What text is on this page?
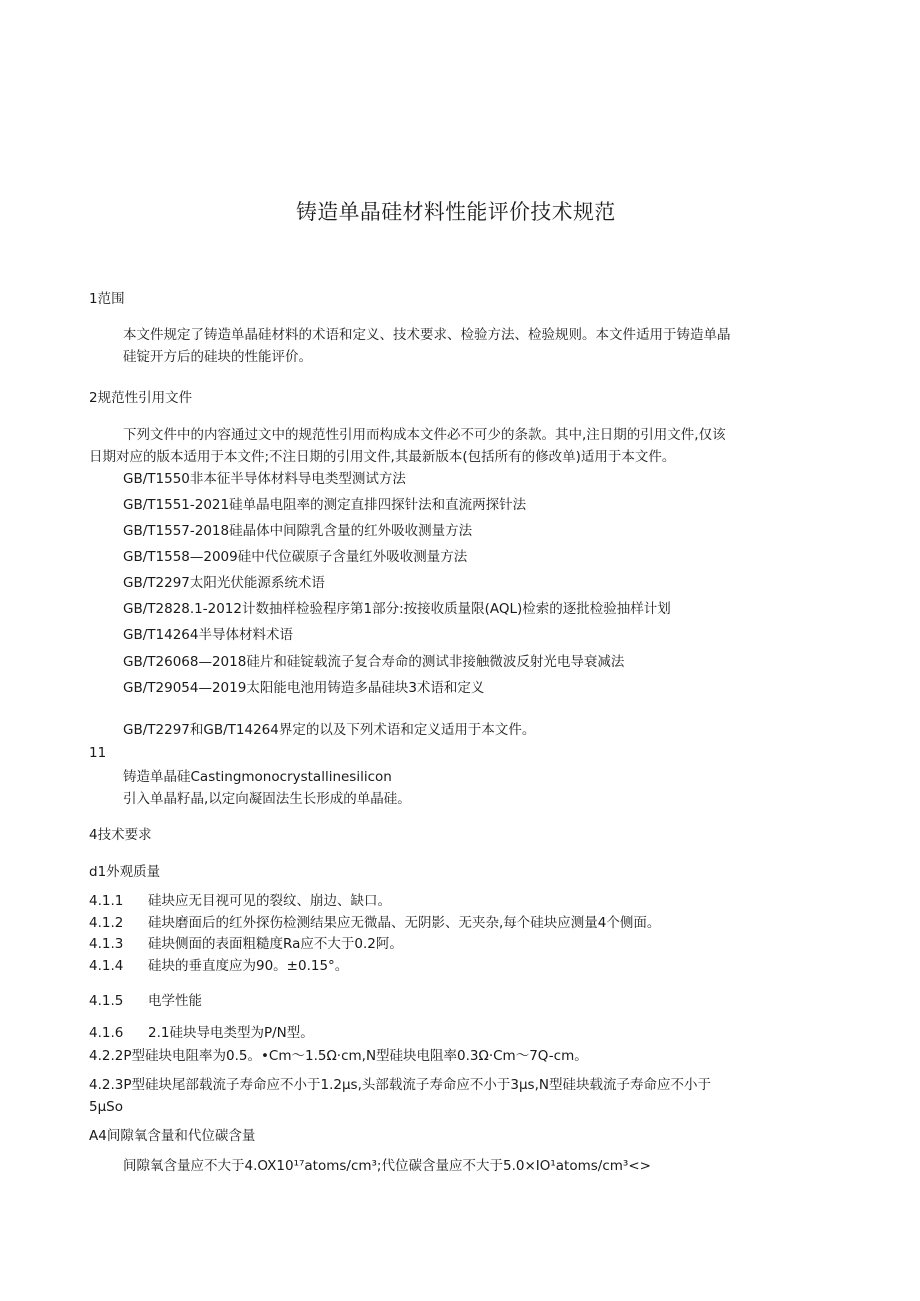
铸造单晶硅材料性能评价技术规范
1范围
本文件规定了铸造单晶硅材料的术语和定义、技术要求、检验方法、检验规则。本文件适用于铸造单晶
硅锭开方后的硅块的性能评价。
2规范性引用文件
下列文件中的内容通过文中的规范性引用而构成本文件必不可少的条款。其中,注日期的引用文件,仅该
日期对应的版本适用于本文件;不注日期的引用文件,其最新版本(包括所有的修改单)适用于本文件。
GB/T1550非本征半导体材料导电类型测试方法
GB/T1551-2021硅单晶电阻率的测定直排四探针法和直流两探针法
GB/T1557-2018硅晶体中间隙乳含量的红外吸收测量方法
GB/T1558—2009硅中代位碳原子含量红外吸收测量方法
GB/T2297太阳光伏能源系统术语
GB/T2828.1-2012计数抽样检验程序第1部分:按接收质量限(AQL)检索的逐批检验抽样计划
GB/T14264半导体材料术语
GB/T26068—2018硅片和硅锭载流子复合寿命的测试非接触微波反射光电导衰减法
GB/T29054—2019太阳能电池用铸造多晶硅块3术语和定义
GB/T2297和GB/T14264界定的以及下列术语和定义适用于本文件。
11
铸造单晶硅Castingmonocrystallinesilicon
引入单晶籽晶,以定向凝固法生长形成的单晶硅。
4技术要求
d1外观质量
4.1.1 硅块应无目视可见的裂纹、崩边、缺口。
4.1.2 硅块磨面后的红外探伤检测结果应无微晶、无阴影、无夹杂,每个硅块应测量4个侧面。
4.1.3 硅块侧面的表面粗糙度Ra应不大于0.2阿。
4.1.4 硅块的垂直度应为90。±0.15°。
4.1.5 电学性能
4.1.6 2.1硅块导电类型为P/N型。
4.2.2P型硅块电阻率为0.5。•Cm〜1.5Ω·cm,N型硅块电阻率0.3Ω·Cm〜7Q-cm。
4.2.3P型硅块尾部载流子寿命应不小于1.2μs,头部载流子寿命应不小于3μs,N型硅块载流子寿命应不小于
5μSo
A4间隙氧含量和代位碳含量
间隙氧含量应不大于4.OX10¹⁷atoms/cm³;代位碳含量应不大于5.0×IO¹atoms∕cm³<>
